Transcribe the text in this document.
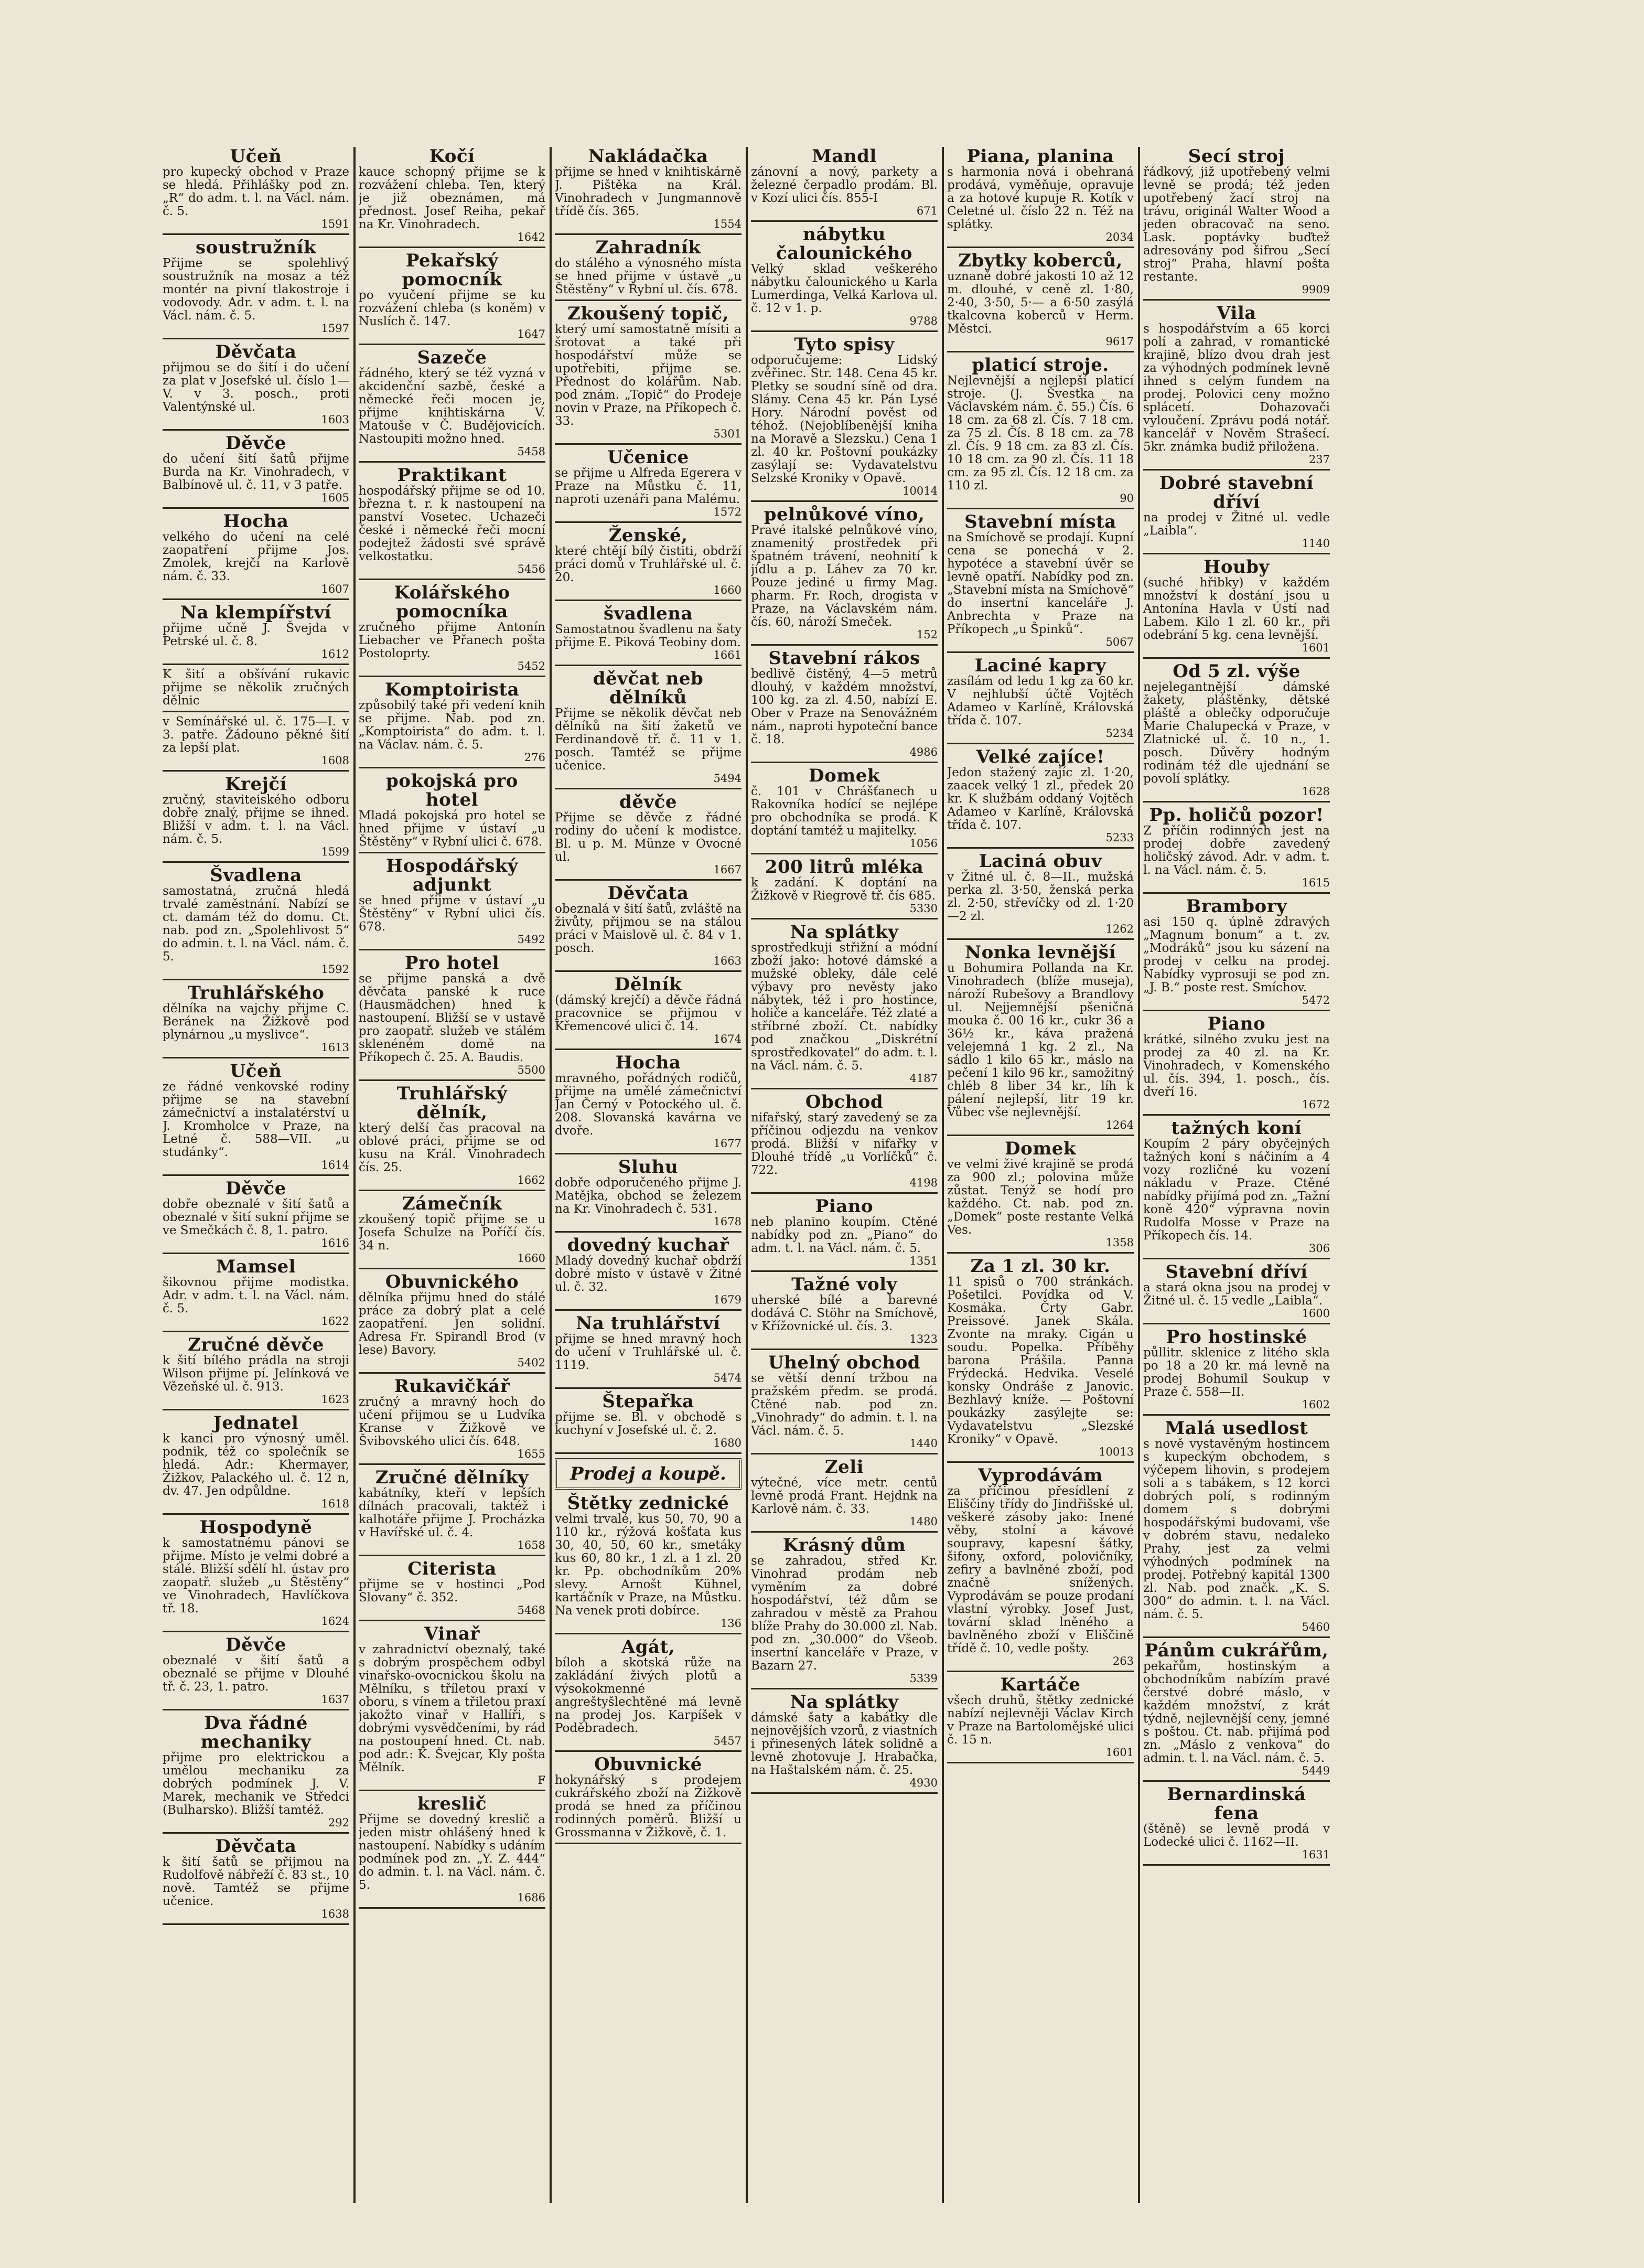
Učeň

pro kupecký obchod v Praze se hledá. Přihlášky pod zn. „R“ do adm. t. l. na Václ. nám. č. 5.

1591
soustružník

Přijme se spolehlivý soustružník na mosaz a též montér na pivní tlakostroje i vodovody. Adr. v adm. t. l. na Václ. nám. č. 5.

1597
Děvčata

přijmou se do šití i do učení za plat v Josefské ul. číslo 1—V. v 3. posch., proti Valentýnské ul.

1603
Děvče

do učení šití šatů přijme Burda na Kr. Vinohradech, v Balbínově ul. č. 11, v 3 patře.

1605
Hocha

velkého do učení na celé zaopatření přijme Jos. Zmolek, krejčí na Karlově nám. č. 33.

1607
Na klempířství

přijme učně J. Švejda v Petrské ul. č. 8.

1612

K šití a obšívání rukavic přijme se několik zručných dělnic

v Semínářské ul. č. 175—I. v 3. patře. Žádouno pěkné šití za lepší plat.

1608
Krejčí

zručný, staviteiského odboru dobře znalý, přijme se ihned. Bližší v adm. t. l. na Václ. nám. č. 5.

1599
Švadlena

samostatná, zručná hledá trvalé zaměstnání. Nabízí se ct. damám též do domu. Ct. nab. pod zn. „Spolehlivost 5“ do admin. t. l. na Václ. nám. č. 5.

1592
Truhlářského

dělníka na vajchy přijme C. Beránek na Žižkově pod plynárnou „u myslivce“.

1613
Učeň

ze řádné venkovské rodiny přijme se na stavební zámečnictví a instalatérství u J. Kromholce v Praze, na Letné č. 588—VII. „u studánky“.

1614
Děvče

dobře obeznalé v šití šatů a obeznalé v šití sukní přijme se ve Smečkách č. 8, 1. patro.

1616
Mamsel

šikovnou přijme modistka. Adr. v adm. t. l. na Václ. nám. č. 5.

1622
Zručné děvče

k šití bílého prádla na stroji Wilson přijme pí. Jelínková ve Vězeňské ul. č. 913.

1623
Jednatel

k kanci pro výnosný uměl. podnik, též co společník se hledá. Adr.: Khermayer, Žižkov, Palackého ul. č. 12 n, dv. 47. Jen odpůldne.

1618
Hospodyně

k samostatnému pánovi se přijme. Místo je velmi dobré a stálé. Bližší sdělí hl. ústav pro zaopatř. služeb „u Štěstěny“ ve Vinohradech, Havlíčkova tř. 18.

1624
Děvče

obeznalé v šití šatů a obeznalé se přijme v Dlouhé tř. č. 23, 1. patro.

1637
Dva řádné mechaniky

přijme pro elektrickou a umělou mechaniku za dobrých podmínek J. V. Marek, mechanik ve Středci (Bulharsko). Bližší tamtéž.

292
Děvčata

k šití šatů se přijmou na Rudolfově nábřeží č. 83 st., 10 nově. Tamtéž se přijme učenice.

1638
Kočí

kauce schopný přijme se k rozvážení chleba. Ten, který je již obeznámen, má přednost. Josef Reiha, pekař na Kr. Vinohradech.

1642
Pekařský pomocník

po vyučení přijme se ku rozvážení chleba (s koněm) v Nuslích č. 147.

1647
Sazeče

řádného, který se též vyzná v akcidenční sazbě, české a německé řeči mocen je, přijme knihtiskárna V. Matouše v Č. Budějovicích. Nastoupiti možno hned.

5458
Praktikant

hospodářský přijme se od 10. března t. r. k nastoupení na panství Vosetec. Uchazeči české i německé řeči mocní podejtež žádosti své správě velkostatku.

5456
Kolářského pomocníka

zručného přijme Antonín Liebacher ve Přanech pošta Postoloprty.

5452
Komptoirista

způsobilý také při vedení knih se přijme. Nab. pod zn. „Komptoirista“ do adm. t. l. na Václav. nám. č. 5.

276
pokojská pro hotel

Mladá pokojská pro hotel se hned přijme v ústaví „u Štěstěny“ v Rybní ulici č. 678.

Hospodářský adjunkt

se hned přijme v ústaví „u Štěstěny“ v Rybní ulici čís. 678.

5492
Pro hotel

se přijme panská a dvě děvčata panské k ruce (Hausmädchen) hned k nastoupení. Bližší se v ustavě pro zaopatř. služeb ve stálém sklenéném domě na Příkopech č. 25. A. Baudis.

5500
Truhlářský dělník,

který delší čas pracoval na oblové práci, přijme se od kusu na Král. Vinohradech čís. 25.

1662
Zámečník

zkoušený topič přijme se u Josefa Schulze na Poříčí čís. 34 n.

1660
Obuvnického

dělníka přijmu hned do stálé práce za dobrý plat a celé zaopatření. Jen solidní. Adresa Fr. Spirandl Brod (v lese) Bavory.

5402
Rukavičkář

zručný a mravný hoch do učení přijmou se u Ludvíka Kranse v Žižkově ve Švibovského ulici čís. 648.

1655
Zručné dělníky

kabátníky, kteří v lepších dílnách pracovali, taktéž i kalhotáře přijme J. Procházka v Havířské ul. č. 4.

1658
Citerista

přijme se v hostinci „Pod Slovany“ č. 352.

5468
Vinař

v zahradnictví obeznalý, také s dobrým prospěchem odbyl vinařsko-ovocnickou školu na Mělníku, s tříletou praxí v oboru, s vínem a třiletou praxí jakožto vinař v Hallíři, s dobrými vysvědčeními, by rád na postoupení hned. Ct. nab. pod adr.: K. Švejcar, Kly pošta Mělník.

F
kreslič

Přijme se dovedný kreslič a jeden mistr ohlášený hned k nastoupení. Nabídky s udáním podmínek pod zn. „Y. Z. 444“ do admin. t. l. na Václ. nám. č. 5.

1686
Nakládačka

přijme se hned v knihtiskárně J. Pištěka na Král. Vinohradech v Jungmannově třídě čís. 365.

1554
Zahradník

do stálého a výnosného místa se hned přijme v ústavě „u Štěstěny“ v Rybní ul. čís. 678.

Zkoušený topič,

který umí samostatně mísiti a šrotovat a také při hospodářství může se upotřebiti, přijme se. Přednost do kolářům. Nab. pod znám. „Topič“ do Prodeje novin v Praze, na Příkopech č. 33.

5301
Učenice

se přijme u Alfreda Egerera v Praze na Můstku č. 11, naproti uzenáři pana Malému.

1572
Ženské,

které chtějí bílý čistiti, obdrží práci domů v Truhlářské ul. č. 20.

1660
švadlena

Samostatnou švadlenu na šaty přijme E. Piková Teobiny dom.

1661
děvčat neb dělníků

Přijme se několik děvčat neb dělníků na šití žaketů ve Ferdinandově tř. č. 11 v 1. posch. Tamtéž se přijme učenice.

5494
děvče

Přijme se děvče z řádné rodiny do učení k modistce. Bl. u p. M. Münze v Ovocné ul.

1667
Děvčata

obeznalá v šití šatů, zvláště na živůty, přijmou se na stálou práci v Maislově ul. č. 84 v 1. posch.

1663
Dělník

(dámský krejčí) a děvče řádná pracovnice se přijmou v Křemencové ulici č. 14.

1674
Hocha

mravného, pořádných rodičů, přijme na umělé zámečnictví Jan Černý v Potockého ul. č. 208. Slovanská kavárna ve dvoře.

1677
Sluhu

dobře odporučeného přijme J. Matějka, obchod se železem na Kr. Vinohradech č. 531.

1678
dovedný kuchař

Mladý dovedný kuchař obdrží dobré místo v ústavě v Žitné ul. č. 32.

1679
Na truhlářství

přijme se hned mravný hoch do učení v Truhlářské ul. č. 1119.

5474
Štepařka

přijme se. Bl. v obchodě s kuchyní v Josefské ul. č. 2.

1680
Prodej a koupě.
Štětky zednické

velmi trvalé, kus 50, 70, 90 a 110 kr., rýžová košťata kus 30, 40, 50, 60 kr., smetáky kus 60, 80 kr., 1 zl. a 1 zl. 20 kr. Pp. obchodníkům 20% slevy. Arnošt Kühnel, kartáčník v Praze, na Můstku. Na venek proti dobírce.

136
Agát,

bíloh a skotská růže na zakládání živých plotů a výsokokmenné angreštyšlechtěné má levně na prodej Jos. Karpíšek v Poděbradech.

5457
Obuvnické

hokynářský s prodejem cukrářského zboží na Žižkově prodá se hned za příčinou rodinných poměrů. Bližší u Grossmanna v Žižkově, č. 1.

Mandl

zánovní a nový, parkety a železné čerpadlo prodám. Bl. v Kozí ulici čís. 855-I

671
nábytku čalounického

Velký sklad veškerého nábytku čalounického u Karla Lumerdinga, Velká Karlova ul. č. 12 v 1. p.

9788
Tyto spisy

odporučujeme: Lidský zvěřinec. Str. 148. Cena 45 kr. Pletky se soudní síně od dra. Slámy. Cena 45 kr. Pán Lysé Hory. Národní pověst od téhož. (Nejoblíbenější kniha na Moravě a Slezsku.) Cena 1 zl. 40 kr. Poštovní poukázky zasýlají se: Vydavatelstvu Selzské Kroniky v Opavě.

10014
pelnůkové víno,

Pravé italské pelnůkové víno, znamenitý prostředek při špatném trávení, neohnití k jídlu a p. Láhev za 70 kr. Pouze jediné u firmy Mag. pharm. Fr. Roch, drogista v Praze, na Václavském nám. čís. 60, nároží Smeček.

152
Stavební rákos

bedlivě čistěný, 4—5 metrů dlouhý, v každém množství, 100 kg. za zl. 4.50, nabízí E. Ober v Praze na Senovážném nám., naproti hypoteční bance č. 18.

4986
Domek

č. 101 v Chrášťanech u Rakovníka hodící se nejlépe pro obchodníka se prodá. K doptání tamtéž u majitelky.

1056
200 litrů mléka

k zadání. K doptání na Žižkově v Riegrově tř. čís 685.

5330
Na splátky

sprostředkuji střižní a módní zboží jako: hotové dámské a mužské obleky, dále celé výbavy pro nevěsty jako nábytek, též i pro hostince, holiče a kanceláře. Též zlaté a stříbrné zboží. Ct. nabídky pod značkou „Diskrétní sprostředkovatel“ do adm. t. l. na Václ. nám. č. 5.

4187
Obchod

nifařský, starý zavedený se za příčinou odjezdu na venkov prodá. Bližší v nifařky v Dlouhé třídě „u Vorlíčků“ č. 722.

4198
Piano

neb planino koupím. Ctěné nabídky pod zn. „Piano“ do adm. t. l. na Václ. nám. č. 5.

1351
Tažné voly

uherské bílé a barevné dodává C. Stöhr na Smíchově, v Křížovnické ul. čís. 3.

1323
Uhelný obchod

se větší denní tržbou na pražském předm. se prodá. Ctěné nab. pod zn. „Vinohrady“ do admin. t. l. na Václ. nám. č. 5.

1440
Zeli

výtečné, více metr. centů levně prodá Frant. Hejdnk na Karlově nám. č. 33.

1480
Krásný dům

se zahradou, střed Kr. Vinohrad prodám neb vyměním za dobré hospodářství, též dům se zahradou v městě za Prahou blíže Prahy do 30.000 zl. Nab. pod zn. „30.000“ do Všeob. insertní kanceláře v Praze, v Bazarn 27.

5339
Na splátky

dámské šaty a kabátky dle nejnovějších vzorů, z viastních i přinesených látek solidně a levně zhotovuje J. Hrabačka, na Haštalském nám. č. 25.

4930
Piana, planina

s harmonia nová i obehraná prodává, vyměňuje, opravuje a za hotové kupuje R. Kotík v Celetné ul. číslo 22 n. Též na splátky.

2034
Zbytky koberců,

uznaně dobré jakosti 10 až 12 m. dlouhé, v ceně zl. 1·80, 2·40, 3·50, 5·— a 6·50 zasýlá tkalcovna koberců v Herm. Městci.

9617
platicí stroje.

Nejlevnější a nejlepší platicí stroje. (J. Švestka na Václavském nám. č. 55.) Čís. 6 18 cm. za 68 zl. Čís. 7 18 cm. za 75 zl. Čís. 8 18 cm. za 78 zl. Čís. 9 18 cm. za 83 zl. Čís. 10 18 cm. za 90 zl. Čís. 11 18 cm. za 95 zl. Čís. 12 18 cm. za 110 zl.

90
Stavební místa

na Smíchově se prodají. Kupní cena se ponechá v 2. hypotéce a stavební úvěr se levně opatří. Nabídky pod zn. „Stavební místa na Smíchově“ do insertní kanceláře J. Anbrechta v Praze na Příkopech „u Špinků“.

5067
Laciné kapry

zasílám od ledu 1 kg za 60 kr. V nejhlubší účtě Vojtěch Adameo v Karlíně, Královská třída č. 107.

5234
Velké zajíce!

Jedon stažený zajíc zl. 1·20, zaacek velký 1 zl., předek 20 kr. K službám oddaný Vojtěch Adameo v Karlíně, Královská třída č. 107.

5233
Laciná obuv

v Žitné ul. č. 8—II., mužská perka zl. 3·50, ženská perka zl. 2·50, střevíčky od zl. 1·20—2 zl.

1262
Nonka levnější

u Bohumira Pollanda na Kr. Vinohradech (blíže museja), nároží Rubešovy a Brandlovy ul. Nejjemnější pšeničná mouka č. 00 16 kr., cukr 36 a 36½ kr., káva pražená velejemná 1 kg. 2 zl., Na sádlo 1 kilo 65 kr., máslo na pečení 1 kilo 96 kr., samožitný chléb 8 liber 34 kr., líh k pálení nejlepší, litr 19 kr. Vůbec vše nejlevnější.

1264
Domek

ve velmi živé krajině se prodá za 900 zl.; polovina může zůstat. Tenýž se hodí pro každého. Ct. nab. pod zn. „Domek“ poste restante Velká Ves.

1358
Za 1 zl. 30 kr.

11 spisů o 700 stránkách. Pošetilci. Povídka od V. Kosmáka. Črty Gabr. Preissové. Janek Skála. Zvonte na mraky. Cigán u soudu. Popelka. Příběhy barona Prášila. Panna Frýdecká. Hedvika. Veselé konsky Ondráše z Janovic. Bezhlavý kníže. — Poštovní poukázky zasýlejte se: Vydavatelstvu „Slezské Kroniky“ v Opavě.

10013
Vyprodávám

za příčinou přesídlení z Eliščiny třídy do Jindřišské ul. veškeré zásoby jako: Inené věby, stolní a kávové soupravy, kapesní šátky, šifony, oxford, polovičníky, zefiry a bavlněné zboží, pod značně snížených. Vyprodávám se pouze prodaní vlastní výrobky. Josef Just, tovární sklad lněného a bavlněného zboží v Eliščině třídě č. 10, vedle pošty.

263
Kartáče

všech druhů, štětky zednické nabízí nejlevněji Václav Kirch v Praze na Bartolomějské ulici č. 15 n.

1601
Secí stroj

řádkový, již upotřebený velmi levně se prodá; též jeden upotřebený žací stroj na trávu, originál Walter Wood a jeden obracovač na seno. Lask. poptávky buďtež adresovány pod šifrou „Secí stroj“ Praha, hlavní pošta restante.

9909
Vila

s hospodářstvím a 65 korci polí a zahrad, v romantické krajině, blízo dvou drah jest za výhodných podmínek levně ihned s celým fundem na prodej. Polovici ceny možno splácetí. Dohazovači vyloučení. Zprávu podá notář. kancelář v Nověm Strašecí. 5kr. známka budiž přiložena.

237
Dobré stavební dříví

na prodej v Žitné ul. vedle „Laibla“.

1140
Houby

(suché hřibky) v každém množství k dostání jsou u Antonína Havla v Ústí nad Labem. Kilo 1 zl. 60 kr., při odebrání 5 kg. cena levnější.

1601
Od 5 zl. výše

nejelegantnější dámské žakety, pláštěnky, dětské pláště a oblečky odporučuje Marie Chalupecká v Praze, v Zlatnické ul. č. 10 n., 1. posch. Důvěry hodným rodinám též dle ujednání se povolí splátky.

1628
Pp. holičů pozor!

Z příčin rodinných jest na prodej dobře zavedený holičský závod. Adr. v adm. t. l. na Václ. nám. č. 5.

1615
Brambory

asi 150 q. úplně zdravých „Magnum bonum“ a t. zv. „Modráků“ jsou ku sázení na prodej v celku na prodej. Nabídky vyprosuji se pod zn. „J. B.“ poste rest. Smíchov.

5472
Piano

krátké, silného zvuku jest na prodej za 40 zl. na Kr. Vinohradech, v Komenského ul. čís. 394, 1. posch., čís. dveří 16.

1672
tažných koní

Koupím 2 páry obyčejných tažných koní s náčiním a 4 vozy rozličné ku vození nákladu v Praze. Ctěné nabídky přijímá pod zn. „Tažní koně 420“ výpravna novin Rudolfa Mosse v Praze na Příkopech čís. 14.

306
Stavební dříví

a stará okna jsou na prodej v Žitné ul. č. 15 vedle „Laibla“.

1600
Pro hostinské

půllitr. sklenice z litého skla po 18 a 20 kr. má levně na prodej Bohumil Soukup v Praze č. 558—II.

1602
Malá usedlost

s nově vystavěným hostincem s kupeckým obchodem, s výčepem lihovin, s prodejem soli a s tabákem, s 12 korci dobrých polí, s rodinným domem s dobrými hospodářskými budovami, vše v dobrém stavu, nedaleko Prahy, jest za velmi výhodných podmínek na prodej. Potřebný kapitál 1300 zl. Nab. pod značk. „K. S. 300“ do admin. t. l. na Václ. nám. č. 5.

5460
Pánům cukrářům,

pekařům, hostinským a obchodníkům nabízím pravé čerstvé dobré máslo, v každém množství, z krát týdně, nejlevnější ceny, jemné s poštou. Ct. nab. přijímá pod zn. „Máslo z venkova“ do admin. t. l. na Václ. nám. č. 5.

5449
Bernardinská fena

(štěně) se levně prodá v Lodecké ulici č. 1162—II.

1631
